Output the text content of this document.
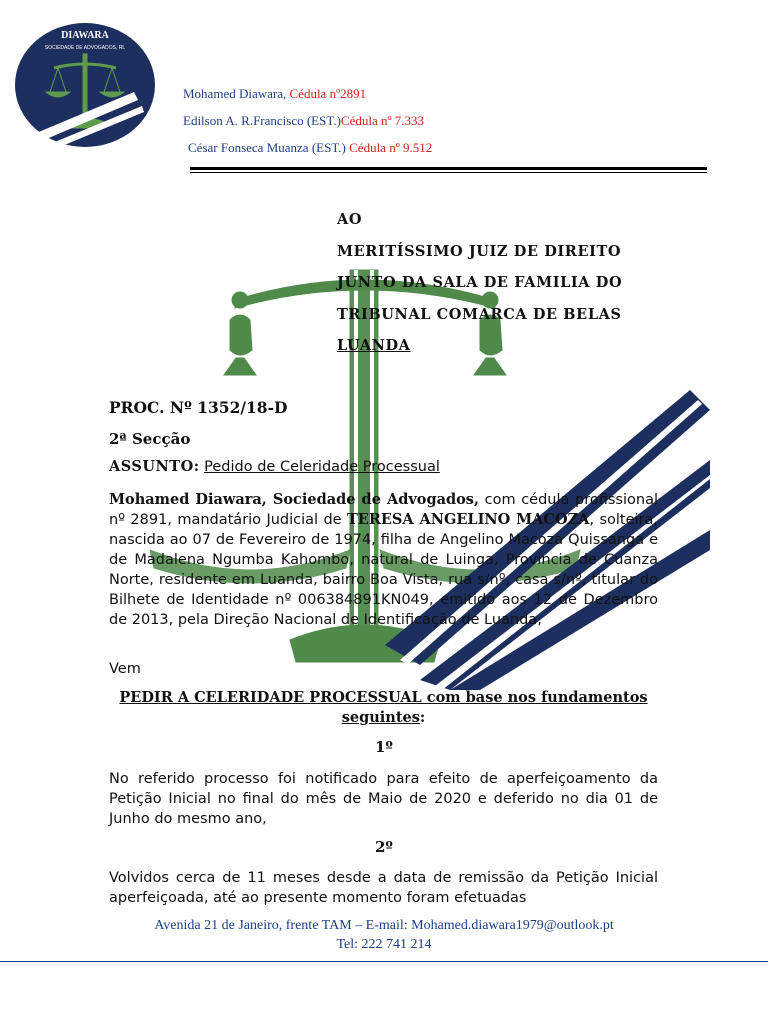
DIAWARA
SOCIEDADE DE ADVOGADOS, RL
Mohamed Diawara, Cédula nº2891
Edilson A. R.Francisco (EST.)Cédula nº 7.333
César Fonseca Muanza (EST.) Cédula nº 9.512
AO
MERITÍSSIMO JUIZ DE DIREITO
JUNTO DA SALA DE FAMILIA DO
TRIBUNAL COMARCA DE BELAS
LUANDA
PROC. Nº 1352/18-D
2ª Secção
ASSUNTO: Pedido de Celeridade Processual
Mohamed Diawara, Sociedade de Advogados, com cédula profissional nº 2891, mandatário Judicial de TERESA ANGELINO MACOZA, solteira, nascida ao 07 de Fevereiro de 1974, filha de Angelino Macoza Quissanga e de Madalena Ngumba Kahombo, natural de Luinga, Provincia de Cuanza Norte, residente em Luanda, bairro Boa Vista, rua s/nº, casa s/nº, titular do Bilhete de Identidade nº 006384891KN049, emitido aos 12 de Dezembro de 2013, pela Direção Nacional de Identificação de Luanda,
Vem
PEDIR A CELERIDADE PROCESSUAL com base nos fundamentos seguintes:
1º
No referido processo foi notificado para efeito de aperfeiçoamento da Petição Inicial no final do mês de Maio de 2020 e deferido no dia 01 de Junho do mesmo ano,
2º
Volvidos cerca de 11 meses desde a data de remissão da Petição Inicial aperfeiçoada, até ao presente momento foram efetuadas
Avenida 21 de Janeiro, frente TAM – E-mail: Mohamed.diawara1979@outlook.pt
Tel: 222 741 214
